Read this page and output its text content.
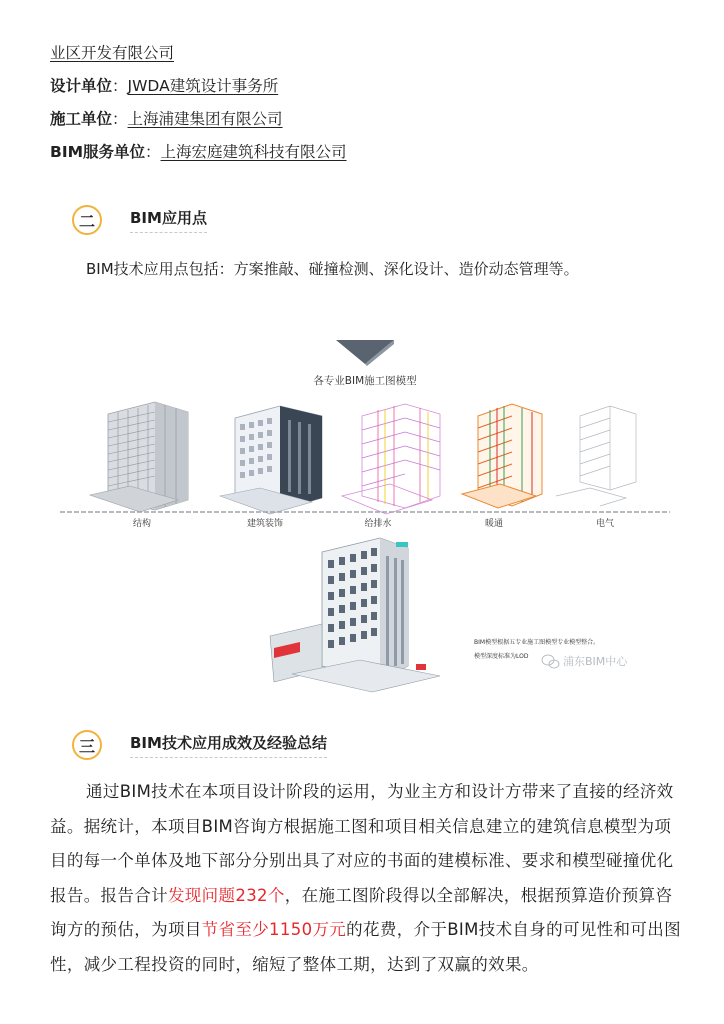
业区开发有限公司
设计单位：JWDA建筑设计事务所
施工单位：上海浦建集团有限公司
BIM服务单位：上海宏庭建筑科技有限公司
二 BIM应用点
BIM技术应用点包括：方案推敲、碰撞检测、深化设计、造价动态管理等。
各专业BIM施工图模型
结构	建筑装饰	给排水	暖通	电气
BIM模型根据五专业施工图模型专业模型整合。
模型深度标准为LOD	浦东BIM中心
三 BIM技术应用成效及经验总结
通过BIM技术在本项目设计阶段的运用，为业主方和设计方带来了直接的经济效
益。据统计，本项目BIM咨询方根据施工图和项目相关信息建立的建筑信息模型为项
目的每一个单体及地下部分分别出具了对应的书面的建模标准、要求和模型碰撞优化
报告。报告合计发现问题232个，在施工图阶段得以全部解决，根据预算造价预算咨
询方的预估，为项目节省至少1150万元的花费，介于BIM技术自身的可见性和可出图
性，减少工程投资的同时，缩短了整体工期，达到了双赢的效果。
